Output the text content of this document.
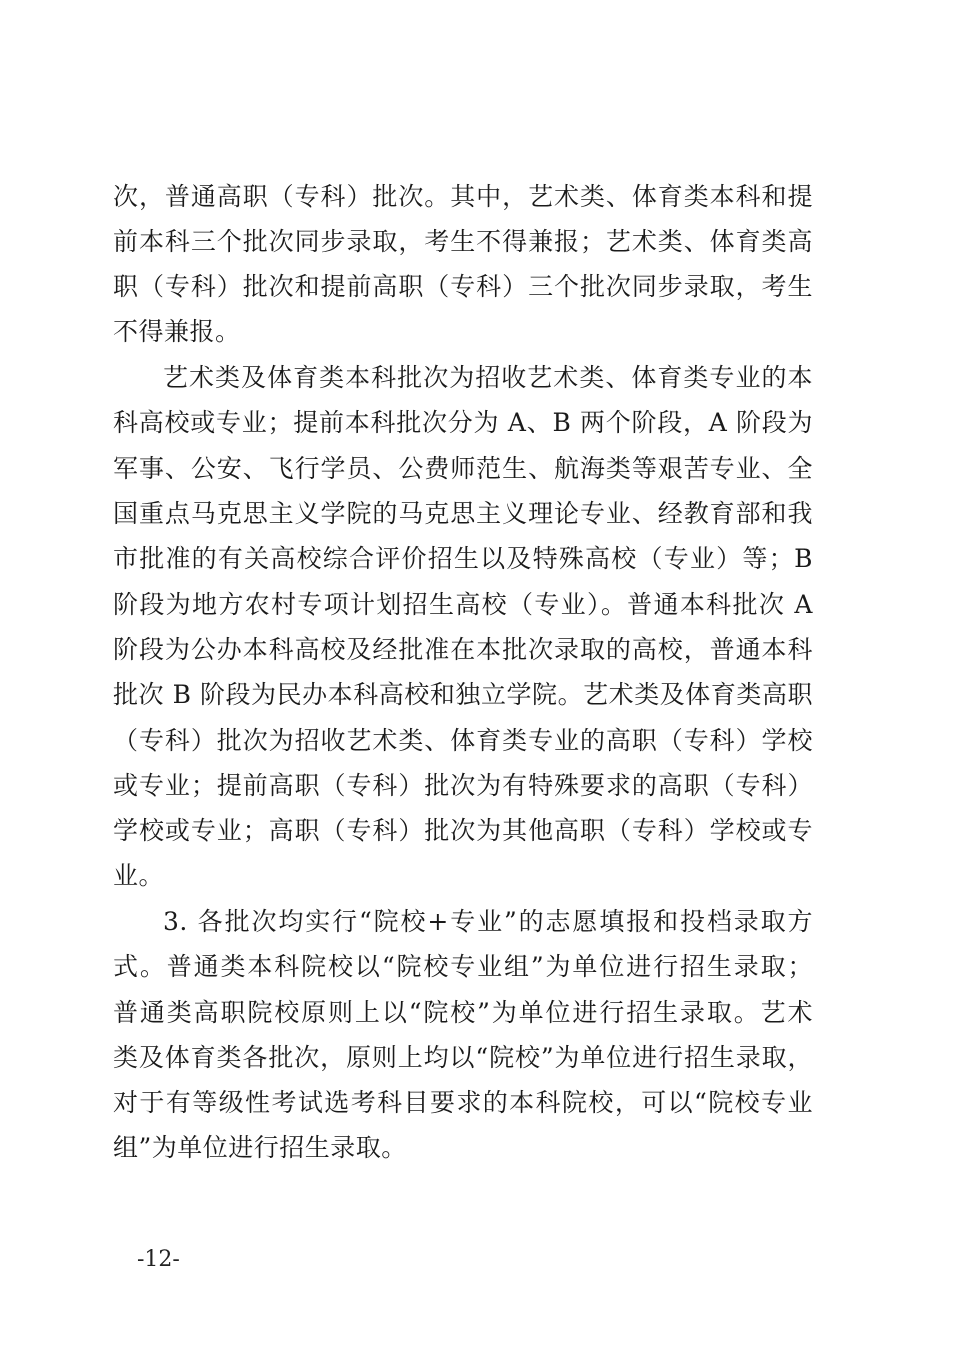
次，普通高职（专科）批次。其中，艺术类、体育类本科和提
前本科三个批次同步录取，考生不得兼报；艺术类、体育类高
职（专科）批次和提前高职（专科）三个批次同步录取，考生
不得兼报。
艺术类及体育类本科批次为招收艺术类、体育类专业的本
科高校或专业；提前本科批次分为 A、B 两个阶段，A 阶段为
军事、公安、飞行学员、公费师范生、航海类等艰苦专业、全
国重点马克思主义学院的马克思主义理论专业、经教育部和我
市批准的有关高校综合评价招生以及特殊高校（专业）等；B
阶段为地方农村专项计划招生高校（专业）。普通本科批次 A
阶段为公办本科高校及经批准在本批次录取的高校，普通本科
批次 B 阶段为民办本科高校和独立学院。艺术类及体育类高职
（专科）批次为招收艺术类、体育类专业的高职（专科）学校
或专业；提前高职（专科）批次为有特殊要求的高职（专科）
学校或专业；高职（专科）批次为其他高职（专科）学校或专
业。
3. 各批次均实行“院校+专业”的志愿填报和投档录取方
式。普通类本科院校以“院校专业组”为单位进行招生录取；
普通类高职院校原则上以“院校”为单位进行招生录取。艺术
类及体育类各批次，原则上均以“院校”为单位进行招生录取，
对于有等级性考试选考科目要求的本科院校，可以“院校专业
组”为单位进行招生录取。
-12-
